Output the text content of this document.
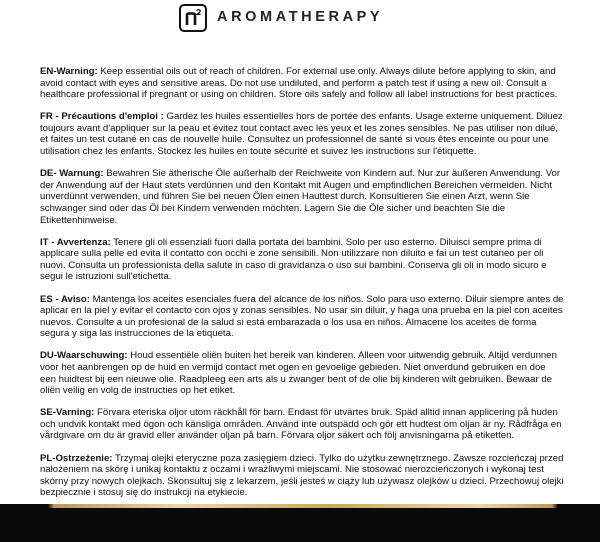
AROMATHERAPY

EN-Warning: Keep essential oils out of reach of children. For external use only. Always dilute before applying to skin, and avoid contact with eyes and sensitive areas. Do not use undiluted, and perform a patch test if using a new oil. Consult a healthcare professional if pregnant or using on children. Store oils safely and follow all label instructions for best practices.

FR - Précautions d'emploi : Gardez les huiles essentielles hors de portée des enfants. Usage externe uniquement. Diluez toujours avant d'appliquer sur la peau et évitez tout contact avec les yeux et les zones sensibles. Ne pas utiliser non dilué, et faites un test cutané en cas de nouvelle huile. Consultez un professionnel de santé si vous êtes enceinte ou pour une utilisation chez les enfants. Stockez les huiles en toute sécurité et suivez les instructions sur l'étiquette.

DE- Warnung: Bewahren Sie ätherische Öle außerhalb der Reichweite von Kindern auf. Nur zur äußeren Anwendung. Vor der Anwendung auf der Haut stets verdünnen und den Kontakt mit Augen und empfindlichen Bereichen vermeiden. Nicht unverdünnt verwenden, und führen Sie bei neuen Ölen einen Hauttest durch. Konsultieren Sie einen Arzt, wenn Sie schwanger sind oder das Öl bei Kindern verwenden möchten. Lagern Sie die Öle sicher und beachten Sie die Etikettenhinweise.

IT - Avvertenza: Tenere gli oli essenziali fuori dalla portata dei bambini. Solo per uso esterno. Diluisci sempre prima di applicare sulla pelle ed evita il contatto con occhi e zone sensibili. Non utilizzare non diluito e fai un test cutaneo per oli nuovi. Consulta un professionista della salute in caso di gravidanza o uso sui bambini. Conserva gli oli in modo sicuro e segui le istruzioni sull'etichetta.

ES - Aviso: Mantenga los aceites esenciales fuera del alcance de los niños. Solo para uso externo. Diluir siempre antes de aplicar en la piel y evitar el contacto con ojos y zonas sensibles. No usar sin diluir, y haga una prueba en la piel con aceites nuevos. Consulte a un profesional de la salud si está embarazada o los usa en niños. Almacene los aceites de forma segura y siga las instrucciones de la etiqueta.

DU-Waarschuwing: Houd essentiële oliën buiten het bereik van kinderen. Alleen voor uitwendig gebruik. Altijd verdunnen voor het aanbrengen op de huid en vermijd contact met ogen en gevoelige gebieden. Niet onverdund gebruiken en doe een huidtest bij een nieuwe olie. Raadpleeg een arts als u zwanger bent of de olie bij kinderen wilt gebruiken. Bewaar de oliën veilig en volg de instructies op het etiket.

SE-Varning: Förvara eteriska oljor utom räckhåll för barn. Endast för utvärtes bruk. Späd alltid innan applicering på huden och undvik kontakt med ögon och känsliga områden. Använd inte outspädd och gör ett hudtest om oljan är ny. Rådfråga en vårdgivare om du är gravid eller använder oljan på barn. Förvara oljor säkert och följ anvisningarna på etiketten.

PL-Ostrzeżenie: Trzymaj olejki eteryczne poza zasięgiem dzieci. Tylko do użytku zewnętrznego. Zawsze rozcieńczaj przed nałożeniem na skórę i unikaj kontaktu z oczami i wrażliwymi miejscami. Nie stosować nierozcieńczonych i wykonaj test skórny przy nowych olejkach. Skonsultuj się z lekarzem, jeśli jesteś w ciąży lub używasz olejków u dzieci. Przechowuj olejki bezpiecznie i stosuj się do instrukcji na etykiecie.
